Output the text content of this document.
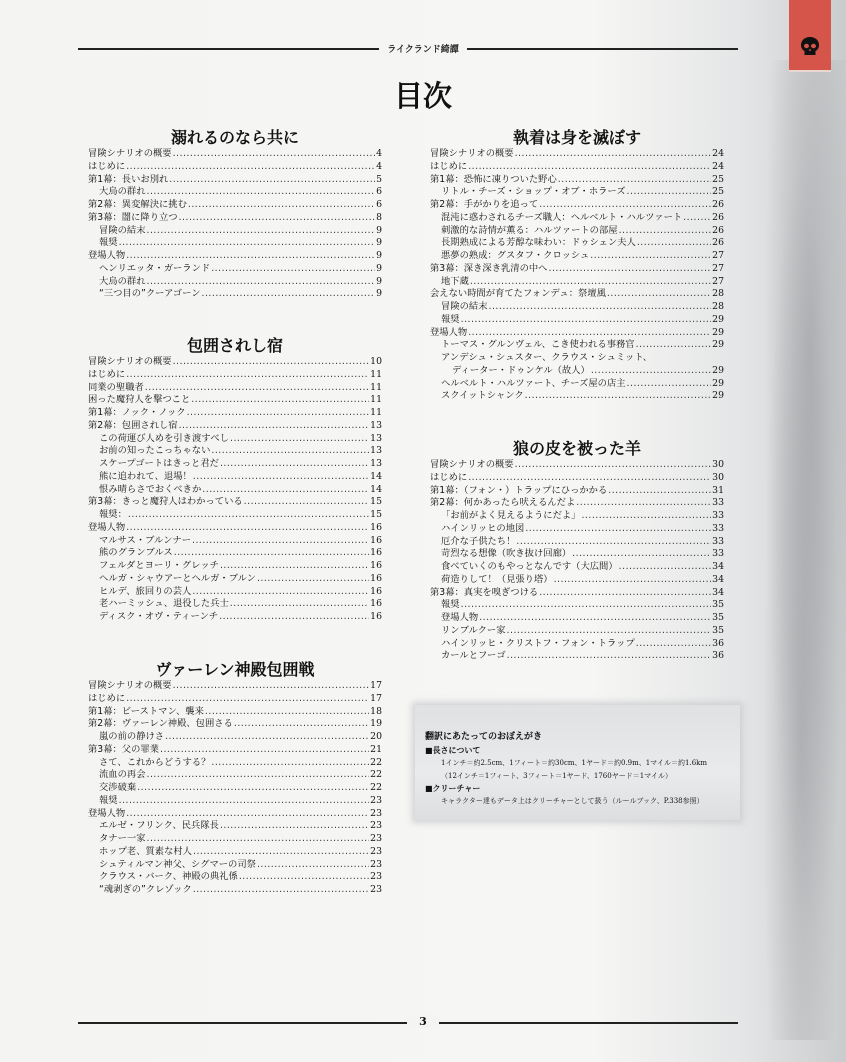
ライクランド綺譚
目次
溺れるのなら共に
冒険シナリオの概要 .....	4
はじめに .....	4
第1幕：長いお別れ .....	5
大烏の群れ .....	6
第2幕：異変解決に挑む .....	6
第3幕：闇に降り立つ .....	8
冒険の結末 .....	9
報奨 .....	9
登場人物 .....	9
ヘンリエッタ・ガーランド .....	9
大烏の群れ .....	9
“三つ目の”クーアゴーン .....	9
包囲されし宿
冒険シナリオの概要 .....	10
はじめに .....	11
同業の聖職者 .....	11
困った魔狩人を撃つこと .....	11
第1幕：ノック・ノック .....	11
第2幕：包囲されし宿 .....	13
この荷運び人めを引き渡すべし .....	13
お前の知ったこっちゃない .....	13
スケープゴートはきっと君だ .....	13
熊に追われて、退場！ .....	14
恨み晴らさでおくべきか .....	14
第3幕：きっと魔狩人はわかっている .....	15
報奨： .....	15
登場人物 .....	16
マルサス・ブルンナー .....	16
熊のグランブルス .....	16
フェルダとヨーリ・グレッチ .....	16
ヘルガ・シャウアーとヘルガ・ブルン .....	16
ヒルデ、旅回りの芸人 .....	16
老ハーミッシュ、退役した兵士 .....	16
ディスク・オヴ・ティーンチ .....	16
ヴァーレン神殿包囲戦
冒険シナリオの概要 .....	17
はじめに .....	17
第1幕：ビーストマン、襲来 .....	18
第2幕：ヴァーレン神殿、包囲さる .....	19
嵐の前の静けさ .....	20
第3幕：父の罪業 .....	21
さて、これからどうする？ .....	22
流血の再会 .....	22
交渉破棄 .....	22
報奨 .....	23
登場人物 .....	23
エルゼ・フリンク、民兵隊長 .....	23
タナー一家 .....	23
ホップ老、質素な村人 .....	23
シュティルマン神父、シグマーの司祭 .....	23
クラウス・バーク、神殿の典礼係 .....	23
“魂剥ぎの”クレゾック .....	23
執着は身を滅ぼす
冒険シナリオの概要 .....	24
はじめに .....	24
第1幕：恐怖に凍りついた野心 .....	25
リトル・チーズ・ショップ・オブ・ホラーズ .....	25
第2幕：手がかりを追って .....	26
混沌に惑わされるチーズ職人：ヘルベルト・ハルツァート .....	26
刺激的な詩情が薫る：ハルツァートの部屋 .....	26
長期熟成による芳醇な味わい：ドゥシェン夫人 .....	26
悪夢の熟成：グスタフ・クロッシュ .....	27
第3幕：深き深き乳清の中へ .....	27
地下蔵 .....	27
会えない時間が育てたフォンデュ：祭壇風 .....	28
冒険の結末 .....	28
報奨 .....	29
登場人物 .....	29
トーマス・グルンヴェル、こき使われる事務官 .....	29
アンデシュ・シュスター、クラウス・シュミット、
ディーター・ドゥンケル（故人） .....	29
ヘルベルト・ハルツァート、チーズ屋の店主 .....	29
スクイットシャンク .....	29
狼の皮を被った羊
冒険シナリオの概要 .....	30
はじめに .....	30
第1幕：（フォン・）トラップにひっかかる .....	31
第2幕：何かあったら吠えるんだよ .....	33
「お前がよく見えるようにだよ」 .....	33
ハインリッヒの地図 .....	33
厄介な子供たち！ .....	33
苛烈なる想像（吹き抜け回廊） .....	33
食べていくのもやっとなんです（大広間） .....	34
荷造りして！（見張り塔） .....	34
第3幕：真実を嗅ぎつける .....	34
報奨 .....	35
登場人物 .....	35
リンブルクー家 .....	35
ハインリッヒ・クリストフ・フォン・トラップ .....	36
カールとフーゴ .....	36
翻訳にあたってのおぼえがき
■長さについて
1インチ＝約2.5cm、1フィート＝約30cm、1ヤード＝約0.9m、1マイル＝約1.6km
（12インチ＝1フィート、3フィート＝1ヤード、1760ヤード＝1マイル）
■クリーチャー
キャラクター達もデータ上はクリーチャーとして扱う（ルールブック、P.338参照）
3
